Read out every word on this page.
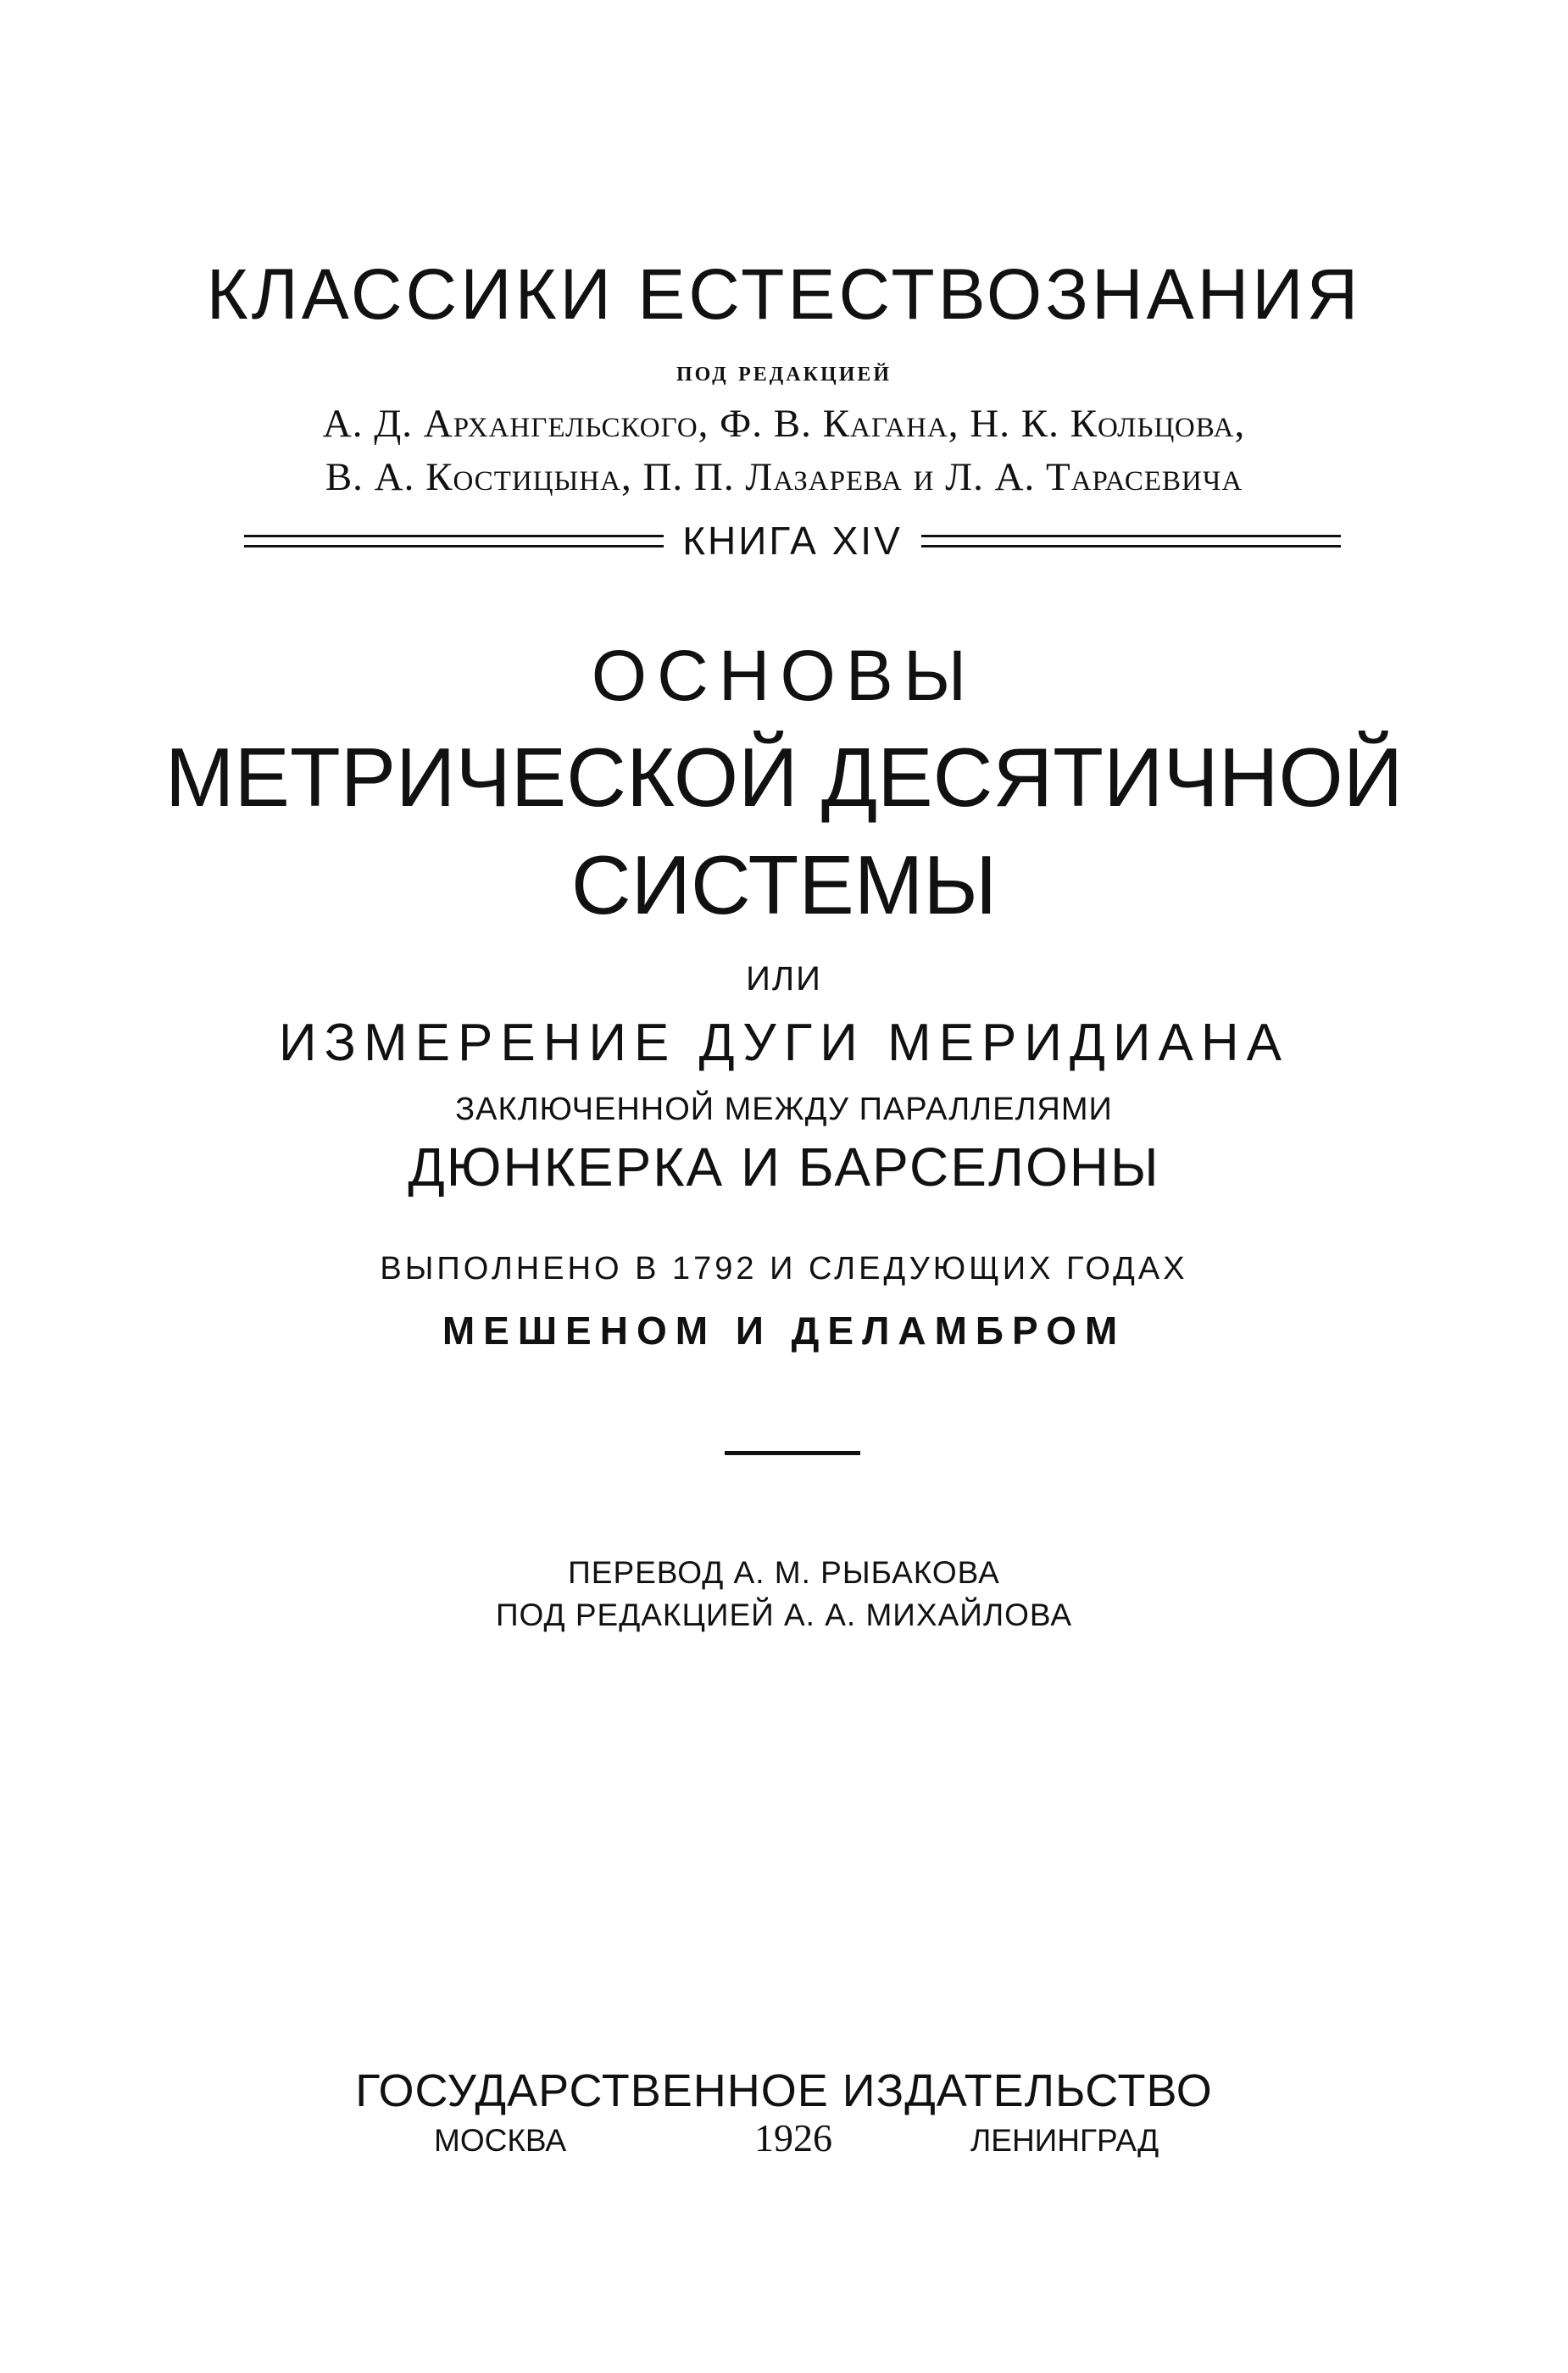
КЛАССИКИ ЕСТЕСТВОЗНАНИЯ
под редакцией
А. Д. Архангельского, Ф. В. Кагана, Н. К. Кольцова,
В. А. Костицына, П. П. Лазарева и Л. А. Тарасевича
КНИГА XIV
ОСНОВЫ
МЕТРИЧЕСКОЙ ДЕСЯТИЧНОЙ
СИСТЕМЫ
ИЛИ
ИЗМЕРЕНИЕ ДУГИ МЕРИДИАНА
ЗАКЛЮЧЕННОЙ МЕЖДУ ПАРАЛЛЕЛЯМИ
ДЮНКЕРКА И БАРСЕЛОНЫ
ВЫПОЛНЕНО В 1792 И СЛЕДУЮЩИХ ГОДАХ
МЕШЕНОМ И ДЕЛАМБРОМ
ПЕРЕВОД А. М. РЫБАКОВА
ПОД РЕДАКЦИЕЙ А. А. МИХАЙЛОВА
ГОСУДАРСТВЕННОЕ ИЗДАТЕЛЬСТВО
МОСКВА	1926	ЛЕНИНГРАД
